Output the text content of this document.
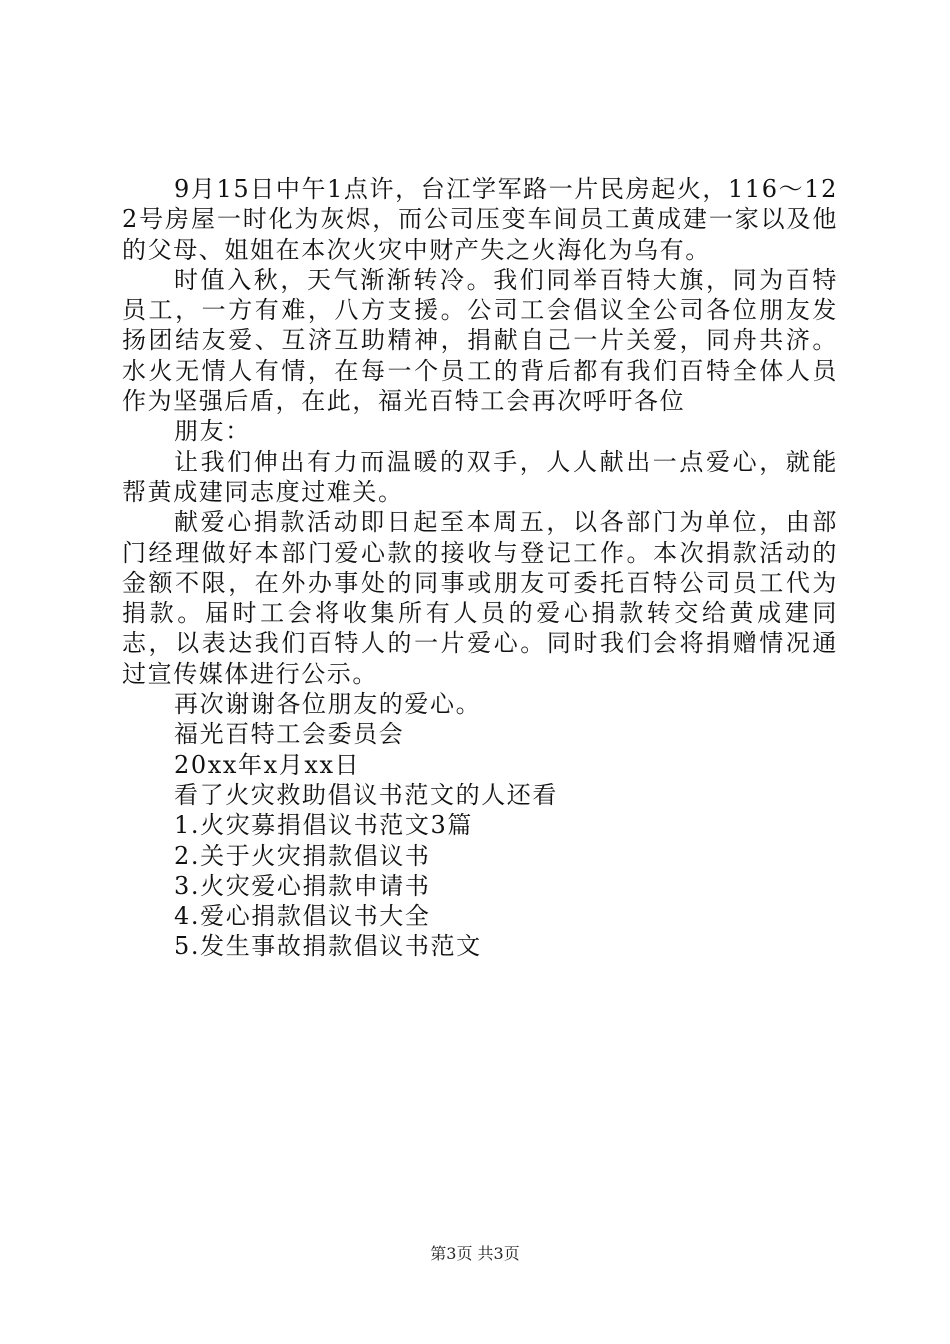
9月15日中午1点许，台江学军路一片民房起火，116～122号房屋一时化为灰烬，而公司压变车间员工黄成建一家以及他的父母、姐姐在本次火灾中财产失之火海化为乌有。

时值入秋，天气渐渐转冷。我们同举百特大旗，同为百特员工，一方有难，八方支援。公司工会倡议全公司各位朋友发扬团结友爱、互济互助精神，捐献自己一片关爱，同舟共济。水火无情人有情，在每一个员工的背后都有我们百特全体人员作为坚强后盾，在此，福光百特工会再次呼吁各位

朋友：

让我们伸出有力而温暖的双手，人人献出一点爱心，就能帮黄成建同志度过难关。

献爱心捐款活动即日起至本周五，以各部门为单位，由部门经理做好本部门爱心款的接收与登记工作。本次捐款活动的金额不限，在外办事处的同事或朋友可委托百特公司员工代为捐款。届时工会将收集所有人员的爱心捐款转交给黄成建同志，以表达我们百特人的一片爱心。同时我们会将捐赠情况通过宣传媒体进行公示。

再次谢谢各位朋友的爱心。
福光百特工会委员会
20xx年x月xx日
看了火灾救助倡议书范文的人还看
1.火灾募捐倡议书范文3篇
2.关于火灾捐款倡议书
3.火灾爱心捐款申请书
4.爱心捐款倡议书大全
5.发生事故捐款倡议书范文
第3页 共3页
